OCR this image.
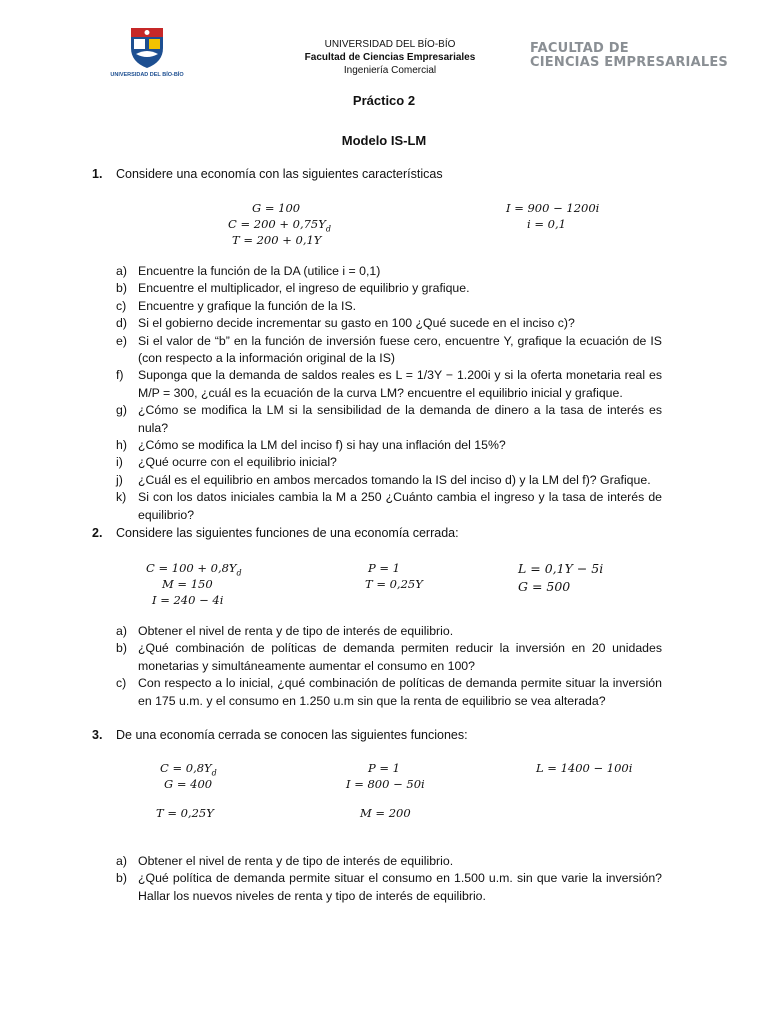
UNIVERSIDAD DEL BÍO-BÍO
UNIVERSIDAD DEL BÍO-BÍO
Facultad de Ciencias Empresariales
Ingeniería Comercial
FACULTAD DE
CIENCIAS EMPRESARIALES
Práctico 2
Modelo IS-LM
1. Considere una economía con las siguientes características
G = 100
$C = 200 + 0,75Y_d$
T = 200 + 0,1Y
I = 900 − 1200i
i = 0,1
a) Encuentre la función de la DA (utilice i = 0,1)
b) Encuentre el multiplicador, el ingreso de equilibrio y grafique.
c) Encuentre y grafique la función de la IS.
d) Si el gobierno decide incrementar su gasto en 100 ¿Qué sucede en el inciso c)?
e) Si el valor de “b” en la función de inversión fuese cero, encuentre Y, grafique la ecuación de IS (con respecto a la información original de la IS)
f)	Suponga que la demanda de saldos reales es L = 1/3Y − 1.200i y si la oferta monetaria real es M/P = 300, ¿cuál es la ecuación de la curva LM? encuentre el equilibrio inicial y grafique.
g) ¿Cómo se modifica la LM si la sensibilidad de la demanda de dinero a la tasa de interés es nula?
h) ¿Cómo se modifica la LM del inciso f) si hay una inflación del 15%?
i)	¿Qué ocurre con el equilibrio inicial?
j)	¿Cuál es el equilibrio en ambos mercados tomando la IS del inciso d) y la LM del f)? Grafique.
k) Si con los datos iniciales cambia la M a 250 ¿Cuánto cambia el ingreso y la tasa de interés de equilibrio?
2. Considere las siguientes funciones de una economía cerrada:
$C = 100 + 0,8Y_d$
M = 150
I = 240 − 4i
P = 1
T = 0,25Y
L = 0,1Y − 5i
G = 500
a) Obtener el nivel de renta y de tipo de interés de equilibrio.
b) ¿Qué combinación de políticas de demanda permiten reducir la inversión en 20 unidades monetarias y simultáneamente aumentar el consumo en 100?
c) Con respecto a lo inicial, ¿qué combinación de políticas de demanda permite situar la inversión en 175 u.m. y el consumo en 1.250 u.m sin que la renta de equilibrio se vea alterada?
3. De una economía cerrada se conocen las siguientes funciones:
$C = 0,8Y_d$
G = 400
T = 0,25Y
P = 1
I = 800 − 50i
M = 200
L = 1400 − 100i
a) Obtener el nivel de renta y de tipo de interés de equilibrio.
b) ¿Qué política de demanda permite situar el consumo en 1.500 u.m. sin que varie la inversión? Hallar los nuevos niveles de renta y tipo de interés de equilibrio.
